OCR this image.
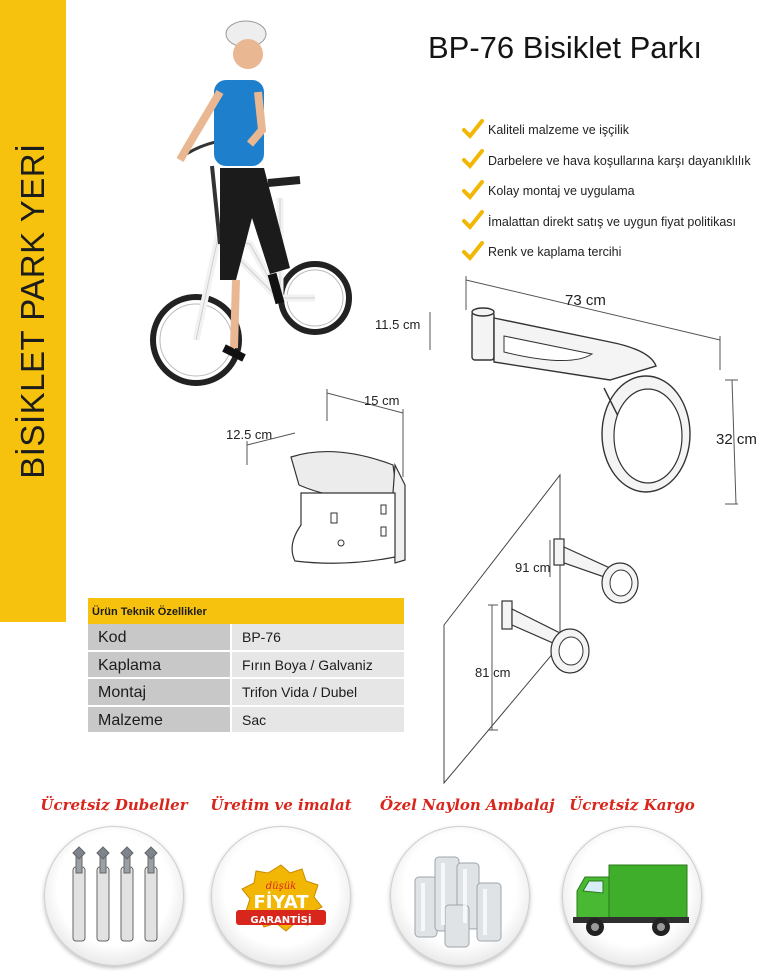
BİSİKLET PARK YERİ
BP-76 Bisiklet Parkı
Kaliteli malzeme ve işçilik
Darbelere ve hava koşullarına karşı dayanıklılık
Kolay montaj ve uygulama
İmalattan direkt satış ve uygun fiyat politikası
Renk ve kaplama tercihi
73 cm
11.5 cm
32 cm
15 cm
12.5 cm
91 cm
81 cm
Ürün Teknik Özellikler
Kod	BP-76
Kaplama	Fırın Boya / Galvaniz
Montaj	Trifon Vida / Dubel
Malzeme	Sac
Ücretsiz Dubeller	Üretim ve imalat
düşük
FİYAT
GARANTİSİ
Özel Naylon Ambalaj Ücretsiz Kargo
